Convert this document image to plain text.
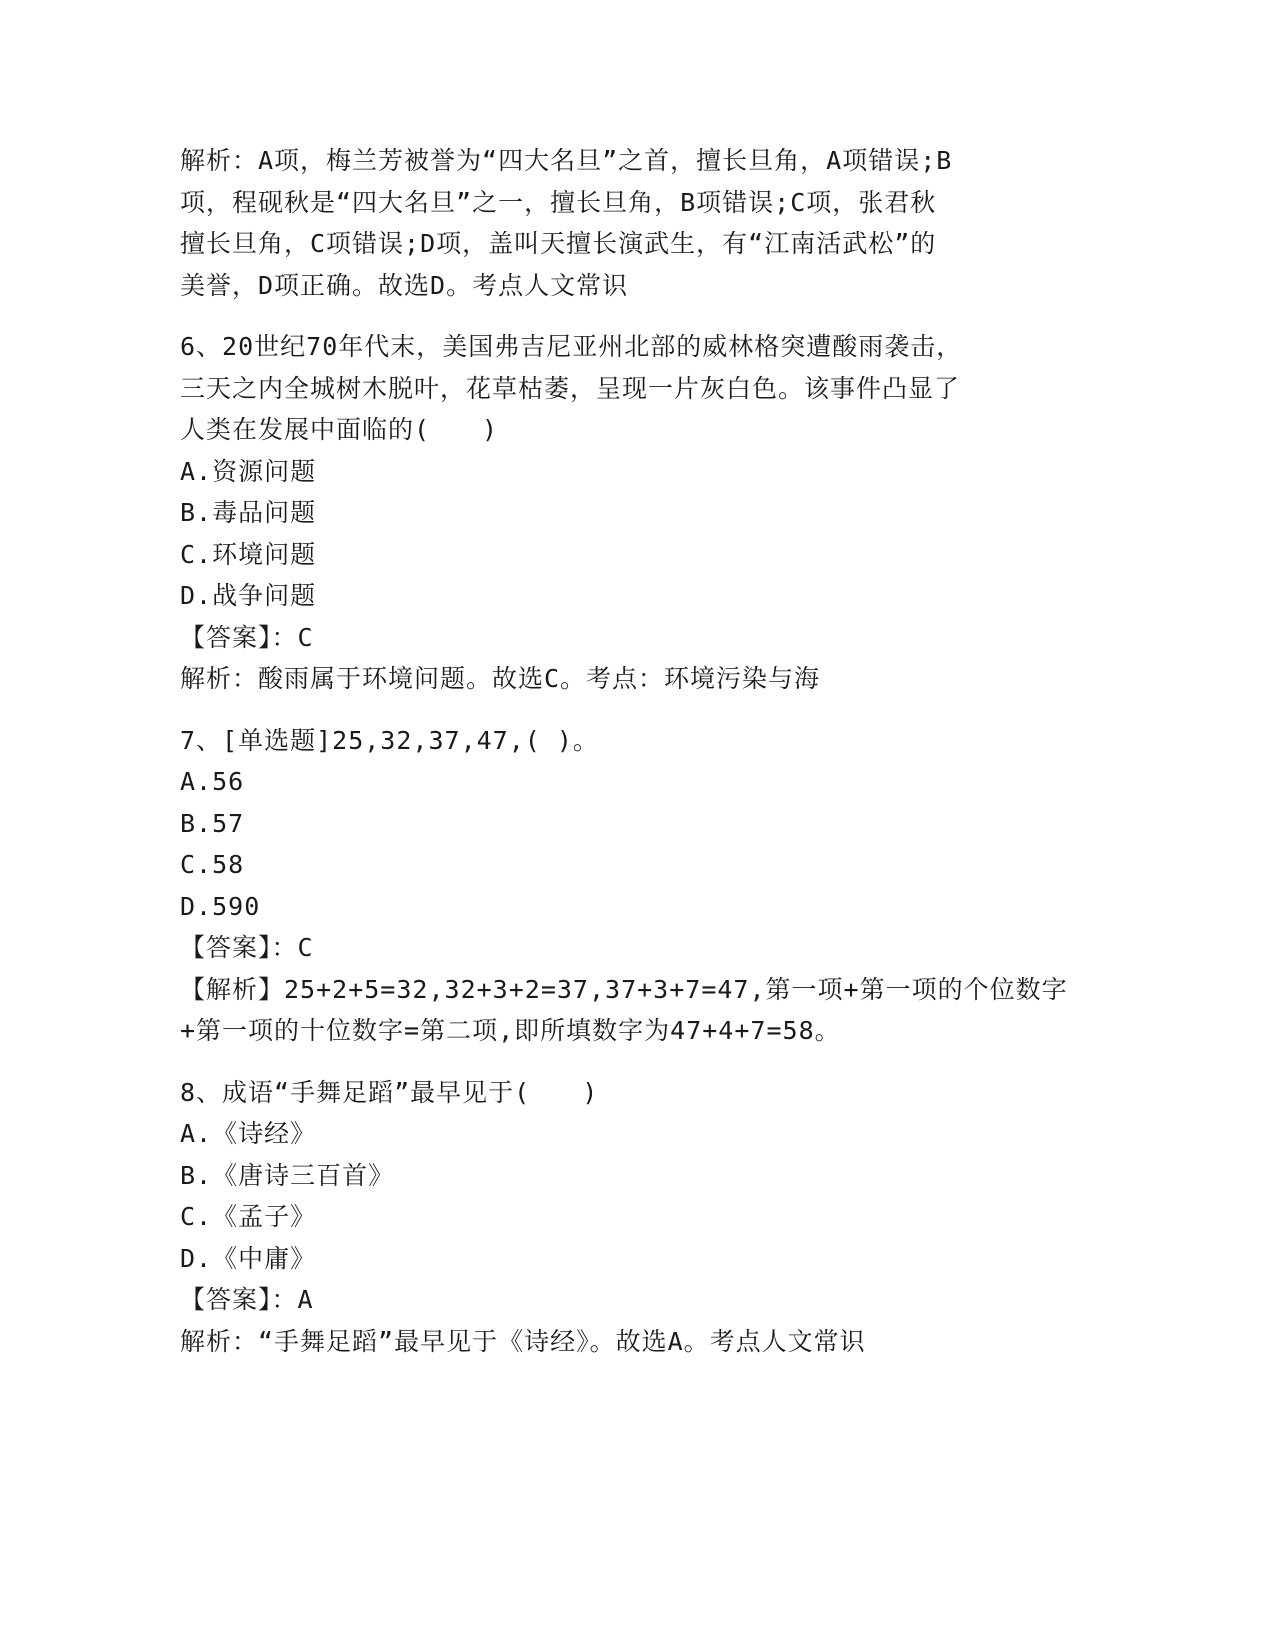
解析：A项，梅兰芳被誉为“四大名旦”之首，擅长旦角，A项错误;B
项，程砚秋是“四大名旦”之一，擅长旦角，B项错误;C项，张君秋
擅长旦角，C项错误;D项，盖叫天擅长演武生，有“江南活武松”的
美誉，D项正确。故选D。考点人文常识
6、20世纪70年代末，美国弗吉尼亚州北部的威林格突遭酸雨袭击，
三天之内全城树木脱叶，花草枯萎，呈现一片灰白色。该事件凸显了
人类在发展中面临的(　　)
A.资源问题
B.毒品问题
C.环境问题
D.战争问题
【答案】：C
解析：酸雨属于环境问题。故选C。考点：环境污染与海
7、[单选题]25,32,37,47,( )。
A.56
B.57
C.58
D.590
【答案】：C
【解析】25+2+5=32,32+3+2=37,37+3+7=47,第一项+第一项的个位数字
+第一项的十位数字=第二项,即所填数字为47+4+7=58。
8、成语“手舞足蹈”最早见于(　　)
A.《诗经》
B.《唐诗三百首》
C.《孟子》
D.《中庸》
【答案】：A
解析：“手舞足蹈”最早见于《诗经》。故选A。考点人文常识
